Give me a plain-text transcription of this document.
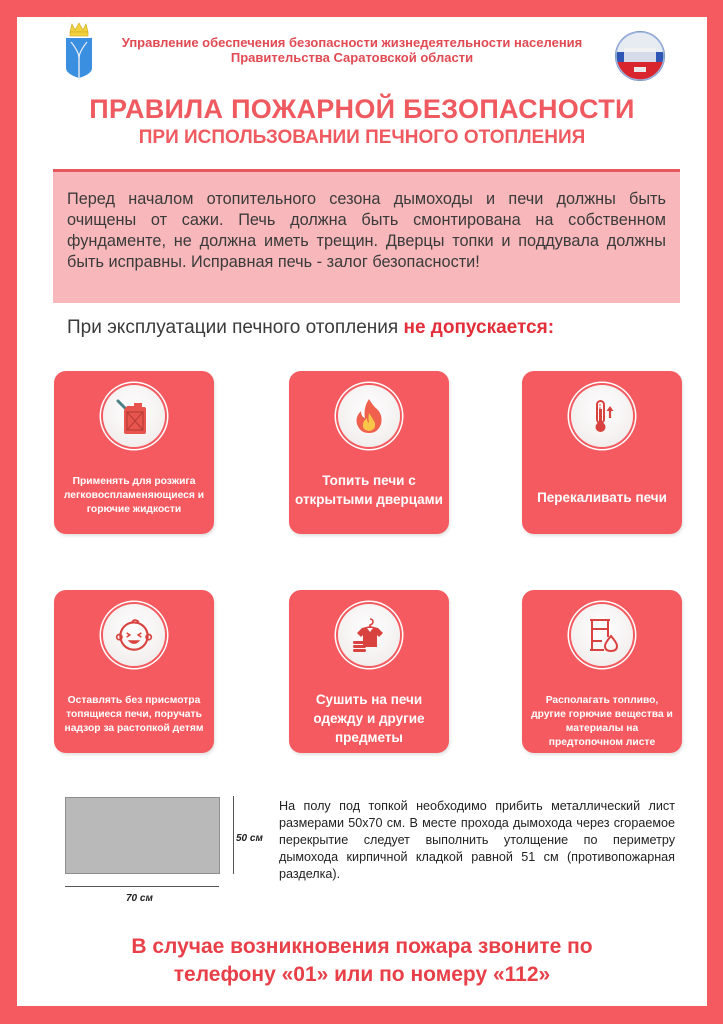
Управление обеспечения безопасности жизнедеятельности населения
Правительства Саратовской области
ПРАВИЛА ПОЖАРНОЙ БЕЗОПАСНОСТИ
ПРИ ИСПОЛЬЗОВАНИИ ПЕЧНОГО ОТОПЛЕНИЯ
Перед началом отопительного сезона дымоходы и печи должны быть очищены от сажи. Печь должна быть смонтирована на собственном фундаменте, не должна иметь трещин. Дверцы топки и поддувала должны быть исправны. Исправная печь - залог безопасности!
При эксплуатации печного отопления не допускается:
Применять для розжига легковоспламеняющиеся и горючие жидкости
Топить печи с открытыми дверцами	Перекаливать печи
Оставлять без присмотра топящиеся печи, поручать надзор за растопкой детям
Сушить на печи одежду и другие предметы
Располагать топливо, другие горючие вещества и материалы на предтопочном листе
50 см
70 см
На полу под топкой необходимо прибить металлический лист размерами 50х70 см. В месте прохода дымохода через сгораемое перекрытие следует выполнить утолщение по периметру дымохода кирпичной кладкой равной 51 см (противопожарная разделка).
В случае возникновения пожара звоните по
телефону «01» или по номеру «112»
